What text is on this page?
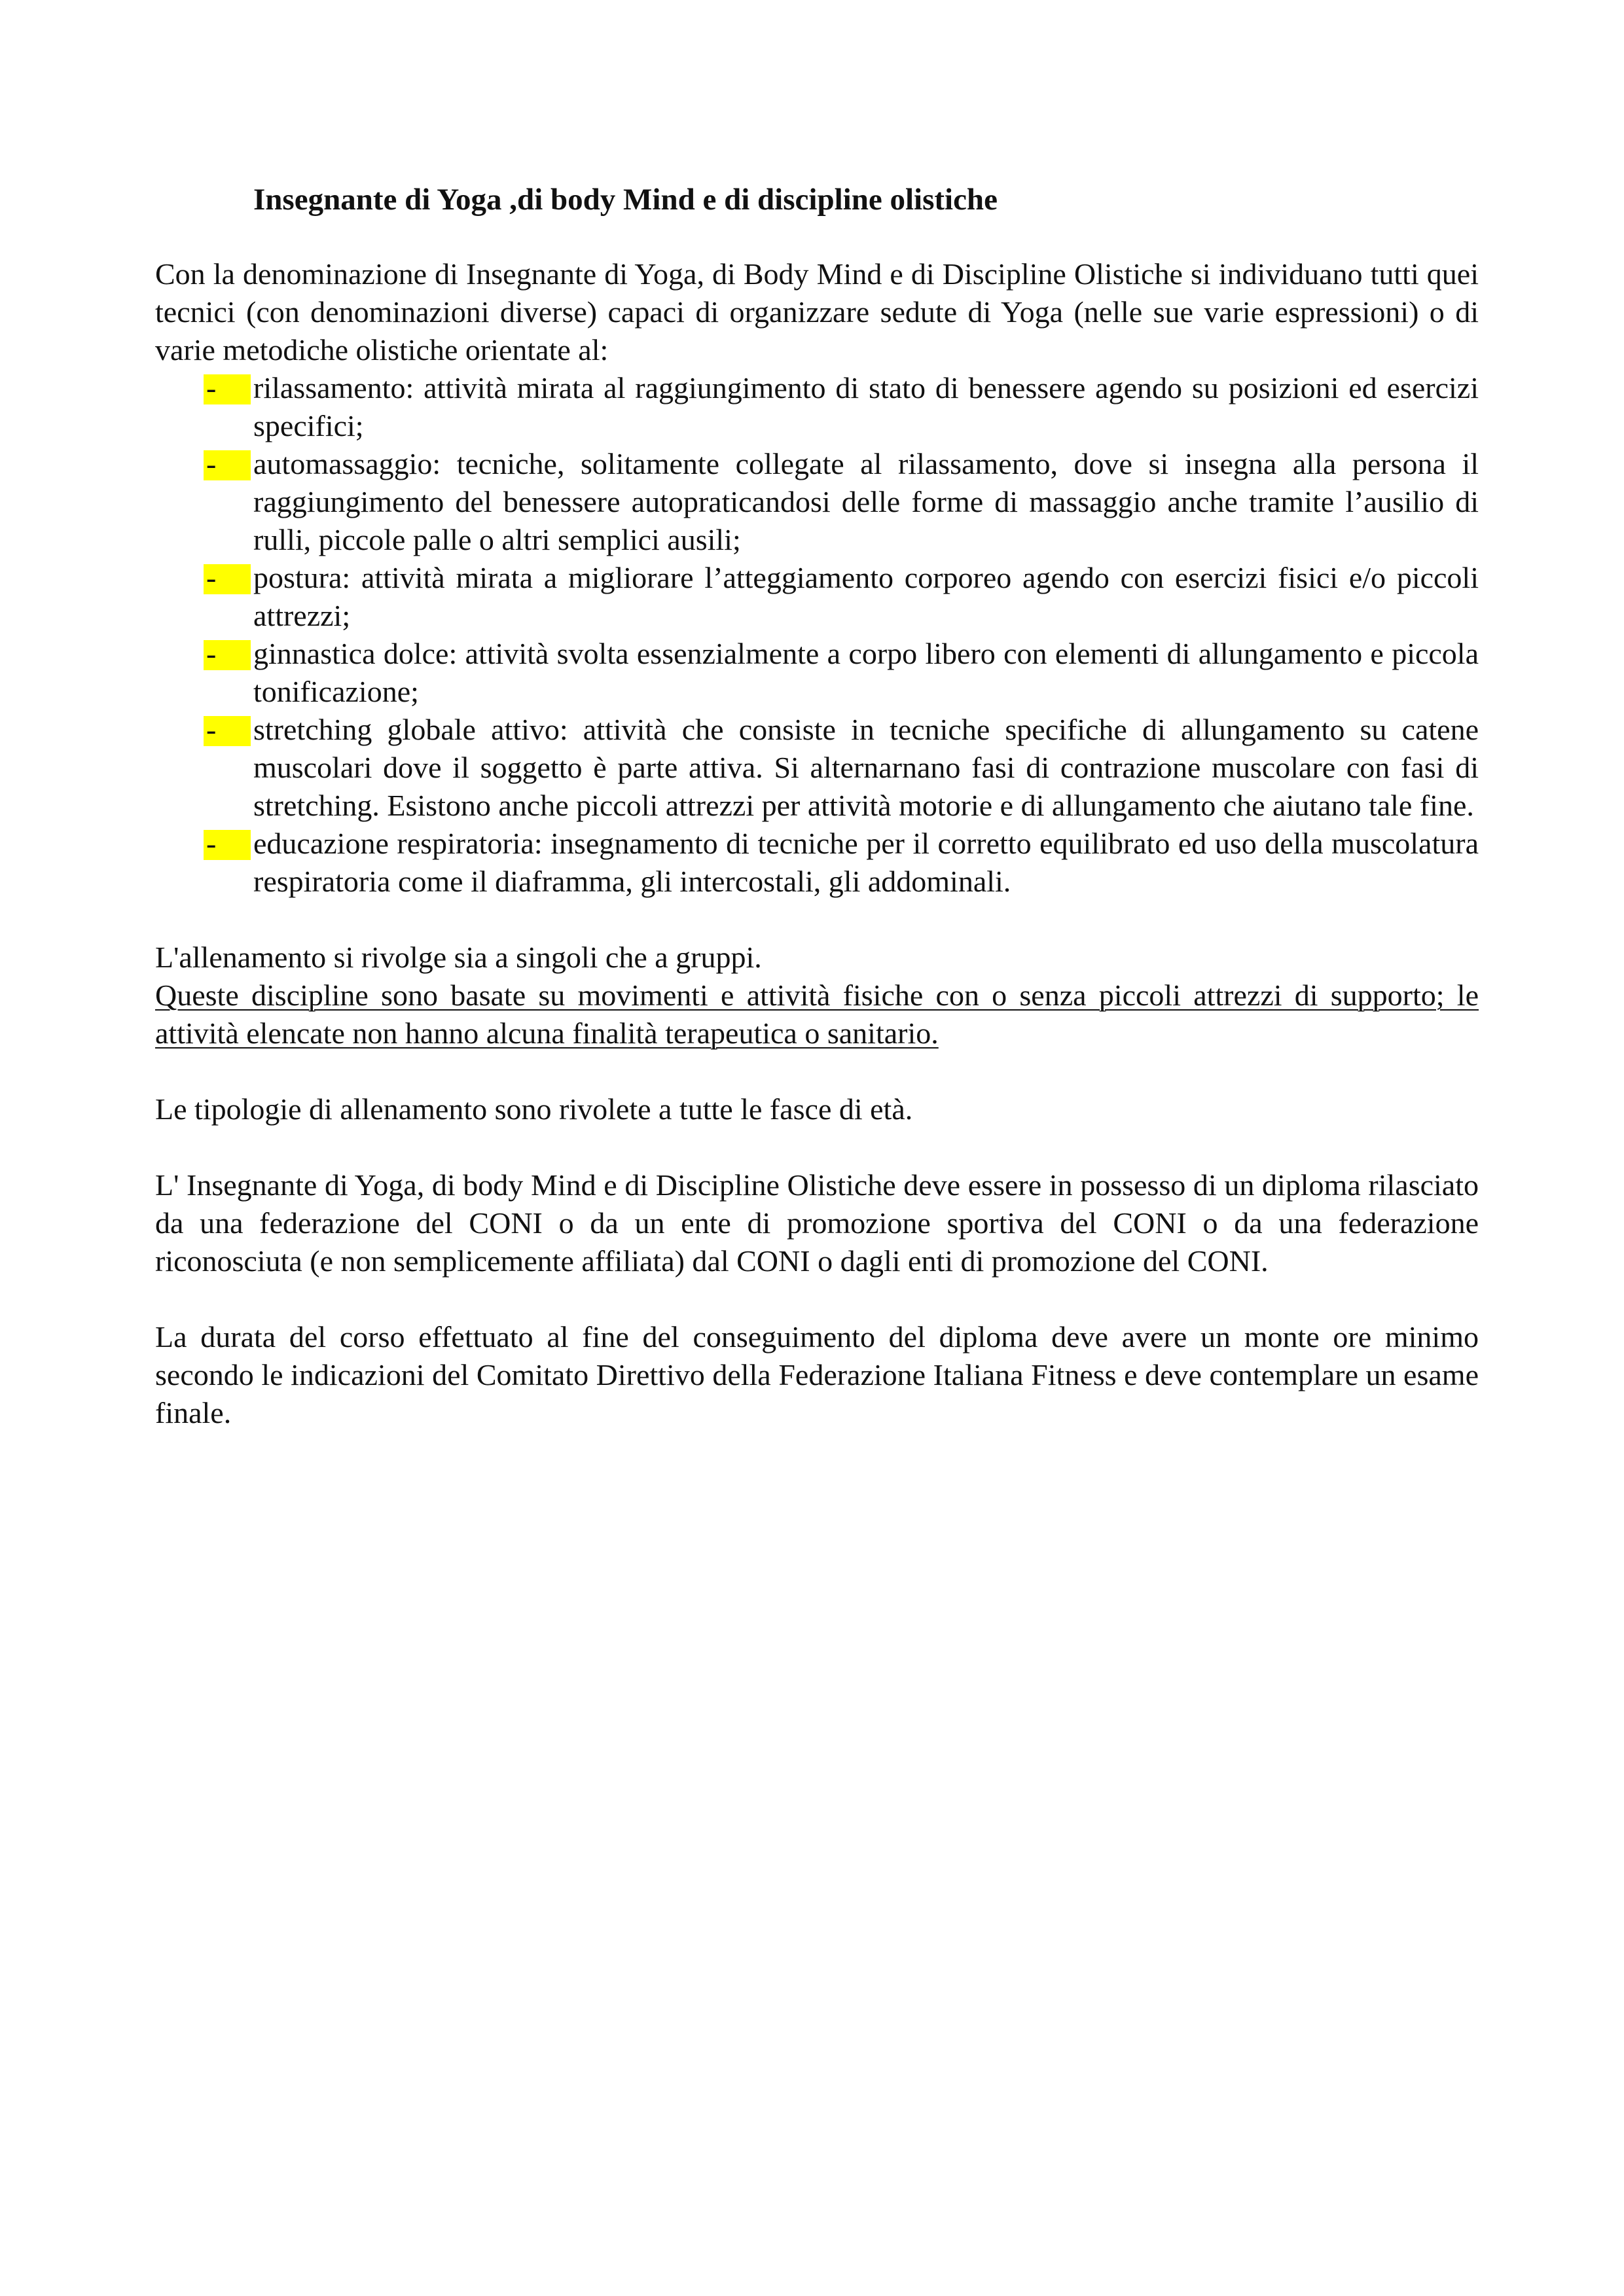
Insegnante di Yoga ,di body Mind e di discipline olistiche

Con la denominazione di Insegnante di Yoga, di Body Mind e di Discipline Olistiche si individuano tutti quei tecnici (con denominazioni diverse) capaci di organizzare sedute di Yoga (nelle sue varie espressioni) o di varie metodiche olistiche orientate al:

-	rilassamento: attività mirata al raggiungimento di stato di benessere agendo su posizioni ed esercizi specifici;
-	automassaggio: tecniche, solitamente collegate al rilassamento, dove si insegna alla persona il raggiungimento del benessere autopraticandosi delle forme di massaggio anche tramite l’ausilio di rulli, piccole palle o altri semplici ausili;
-	postura: attività mirata a migliorare l’atteggiamento corporeo agendo con esercizi fisici e/o piccoli attrezzi;
-	ginnastica dolce: attività svolta essenzialmente a corpo libero con elementi di allungamento e piccola tonificazione;
-	stretching globale attivo: attività che consiste in tecniche specifiche di allungamento su catene muscolari dove il soggetto è parte attiva. Si alternarnano fasi di contrazione muscolare con fasi di stretching. Esistono anche piccoli attrezzi per attività motorie e di allungamento che aiutano tale fine.
-	educazione respiratoria: insegnamento di tecniche per il corretto equilibrato ed uso della muscolatura respiratoria come il diaframma, gli intercostali, gli addominali.

L'allenamento si rivolge sia a singoli che a gruppi.

Queste discipline sono basate su movimenti e attività fisiche con o senza piccoli attrezzi di supporto; le attività elencate non hanno alcuna finalità terapeutica o sanitario.

Le tipologie di allenamento sono rivolete a tutte le fasce di età.

L' Insegnante di Yoga, di body Mind e di Discipline Olistiche deve essere in possesso di un diploma rilasciato da una federazione del CONI o da un ente di promozione sportiva del CONI o da una federazione riconosciuta (e non semplicemente affiliata) dal CONI o dagli enti di promozione del CONI.

La durata del corso effettuato al fine del conseguimento del diploma deve avere un monte ore minimo secondo le indicazioni del Comitato Direttivo della Federazione Italiana Fitness e deve contemplare un esame finale.
